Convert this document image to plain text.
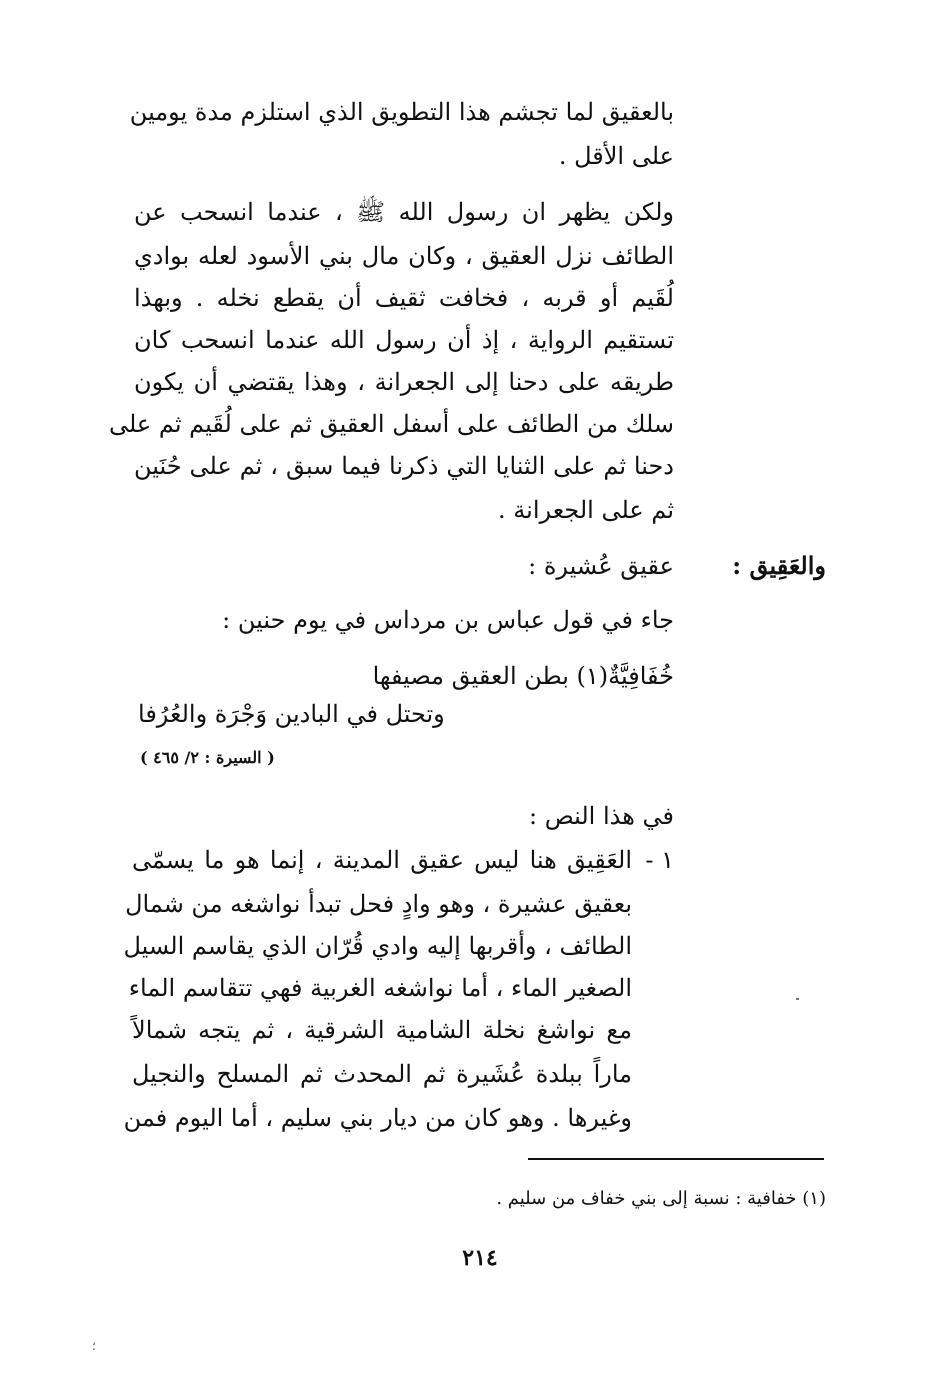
بالعقيق لما تجشم هذا التطويق الذي استلزم مدة يومين
على الأقل .
ولكن يظهر ان رسول الله ﷺ ، عندما انسحب عن
الطائف نزل العقيق ، وكان مال بني الأسود لعله بوادي
لُقَيم أو قربه ، فخافت ثقيف أن يقطع نخله . وبهذا
تستقيم الرواية ، إذ أن رسول الله عندما انسحب كان
طريقه على دحنا إلى الجعرانة ، وهذا يقتضي أن يكون
سلك من الطائف على أسفل العقيق ثم على لُقَيم ثم على
دحنا ثم على الثنايا التي ذكرنا فيما سبق ، ثم على حُنَين
ثم على الجعرانة .
والعَقِيق :
عقيق عُشيرة :
جاء في قول عباس بن مرداس في يوم حنين :
خُفَافِيَّةٌ(١) بطن العقيق مصيفها
وتحتل في البادين وَجْرَة والعُرُفا
( السيرة : ٢/ ٤٦٥ )
في هذا النص :
١ -
العَقِيق هنا ليس عقيق المدينة ، إنما هو ما يسمّى
بعقيق عشيرة ، وهو وادٍ فحل تبدأ نواشغه من شمال
الطائف ، وأقربها إليه وادي قُرّان الذي يقاسم السيل
الصغير الماء ، أما نواشغه الغربية فهي تتقاسم الماء
مع نواشغ نخلة الشامية الشرقية ، ثم يتجه شمالاً
ماراً ببلدة عُشَيرة ثم المحدث ثم المسلح والنجيل
وغيرها . وهو كان من ديار بني سليم ، أما اليوم فمن
(١) خفافية : نسبة إلى بني خفاف من سليم .
٢١٤
؛
